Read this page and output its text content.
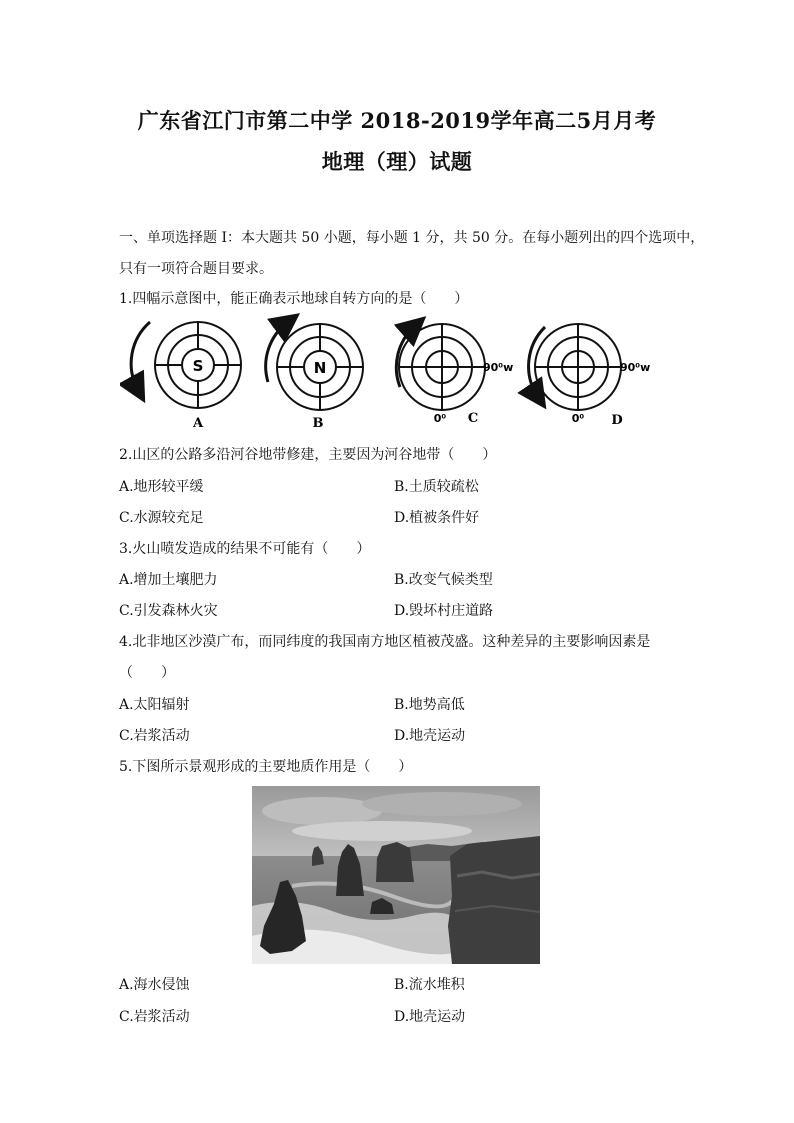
广东省江门市第二中学 2018-2019学年高二5月月考
地理（理）试题
一、单项选择题 I：本大题共 50 小题，每小题 1 分，共 50 分。在每小题列出的四个选项中，
只有一项符合题目要求。
1.四幅示意图中，能正确表示地球自转方向的是（　　）
S
A
N
B
90⁰w
0⁰ C
90⁰w
0⁰ D
2.山区的公路多沿河谷地带修建，主要因为河谷地带（　　）
A.地形较平缓	B.土质较疏松
C.水源较充足	D.植被条件好
3.火山喷发造成的结果不可能有（　　）
A.增加土壤肥力	B.改变气候类型
C.引发森林火灾	D.毁坏村庄道路
4.北非地区沙漠广布，而同纬度的我国南方地区植被茂盛。这种差异的主要影响因素是
（　　）
A.太阳辐射	B.地势高低
C.岩浆活动	D.地壳运动
5.下图所示景观形成的主要地质作用是（　　）
A.海水侵蚀	B.流水堆积
C.岩浆活动	D.地壳运动
